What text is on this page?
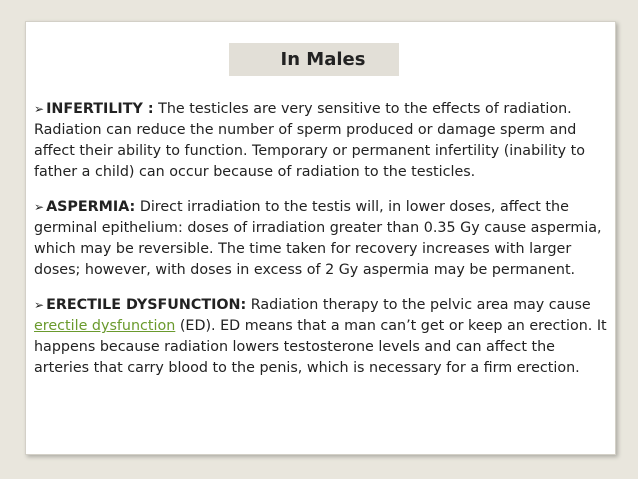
In Males

➢ INFERTILITY : The testicles are very sensitive to the effects of radiation. Radiation can reduce the number of sperm produced or damage sperm and affect their ability to function. Temporary or permanent infertility (inability to father a child) can occur because of radiation to the testicles.

➢ ASPERMIA: Direct irradiation to the testis will, in lower doses, affect the germinal epithelium: doses of irradiation greater than 0.35 Gy cause aspermia, which may be reversible. The time taken for recovery increases with larger doses; however, with doses in excess of 2 Gy aspermia may be permanent.

➢ ERECTILE DYSFUNCTION: Radiation therapy to the pelvic area may cause erectile dysfunction (ED). ED means that a man can’t get or keep an erection. It happens because radiation lowers testosterone levels and can affect the arteries that carry blood to the penis, which is necessary for a firm erection.
